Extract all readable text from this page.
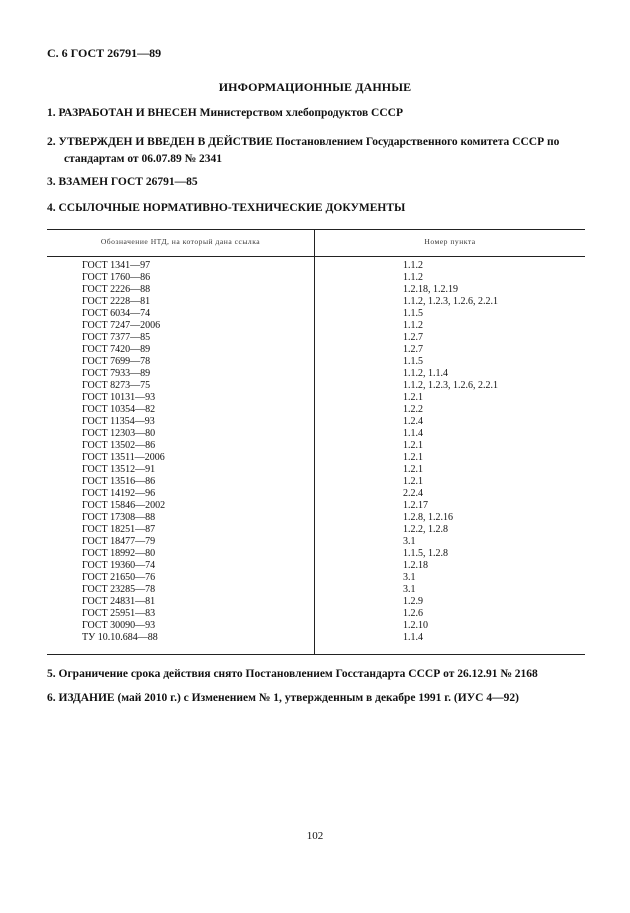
С. 6 ГОСТ 26791—89
ИНФОРМАЦИОННЫЕ ДАННЫЕ
1. РАЗРАБОТАН И ВНЕСЕН Министерством хлебопродуктов СССР
2. УТВЕРЖДЕН И ВВЕДЕН В ДЕЙСТВИЕ Постановлением Государственного комитета СССР по
стандартам от 06.07.89 № 2341
3. ВЗАМЕН ГОСТ 26791—85
4. ССЫЛОЧНЫЕ НОРМАТИВНО-ТЕХНИЧЕСКИЕ ДОКУМЕНТЫ
Обозначение НТД, на который дана ссылка	Номер пункта
ГОСТ 1341—97
ГОСТ 1760—86
ГОСТ 2226—88
ГОСТ 2228—81
ГОСТ 6034—74
ГОСТ 7247—2006
ГОСТ 7377—85
ГОСТ 7420—89
ГОСТ 7699—78
ГОСТ 7933—89
ГОСТ 8273—75
ГОСТ 10131—93
ГОСТ 10354—82
ГОСТ 11354—93
ГОСТ 12303—80
ГОСТ 13502—86
ГОСТ 13511—2006
ГОСТ 13512—91
ГОСТ 13516—86
ГОСТ 14192—96
ГОСТ 15846—2002
ГОСТ 17308—88
ГОСТ 18251—87
ГОСТ 18477—79
ГОСТ 18992—80
ГОСТ 19360—74
ГОСТ 21650—76
ГОСТ 23285—78
ГОСТ 24831—81
ГОСТ 25951—83
ГОСТ 30090—93
ТУ 10.10.684—88
1.1.2
1.1.2
1.2.18, 1.2.19
1.1.2, 1.2.3, 1.2.6, 2.2.1
1.1.5
1.1.2
1.2.7
1.2.7
1.1.5
1.1.2, 1.1.4
1.1.2, 1.2.3, 1.2.6, 2.2.1
1.2.1
1.2.2
1.2.4
1.1.4
1.2.1
1.2.1
1.2.1
1.2.1
2.2.4
1.2.17
1.2.8, 1.2.16
1.2.2, 1.2.8
3.1
1.1.5, 1.2.8
1.2.18
3.1
3.1
1.2.9
1.2.6
1.2.10
1.1.4
5. Ограничение срока действия снято Постановлением Госстандарта СССР от 26.12.91 № 2168
6. ИЗДАНИЕ (май 2010 г.) с Изменением № 1, утвержденным в декабре 1991 г. (ИУС 4—92)
102
